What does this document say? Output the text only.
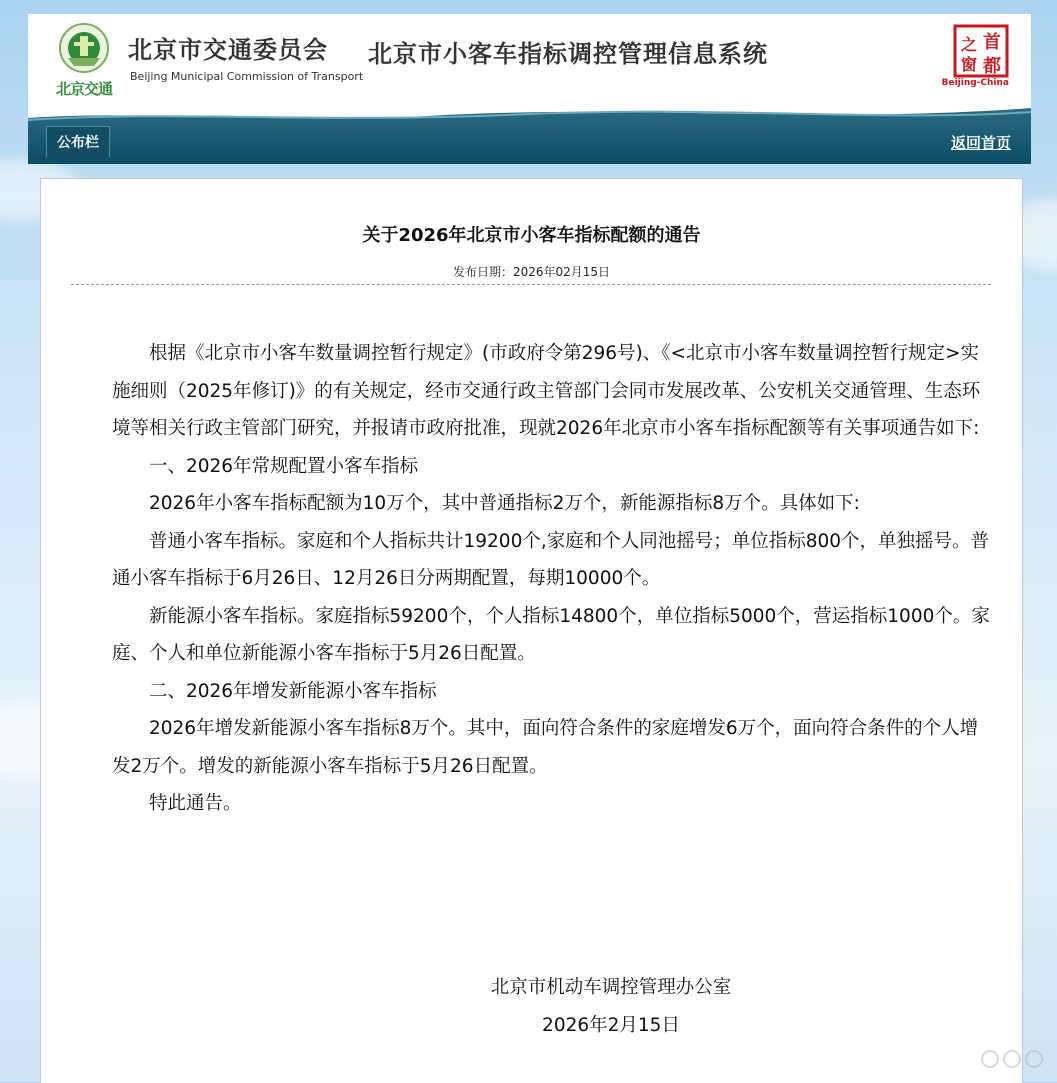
北京交通
北京市交通委员会
Beijing Municipal Commission of Transport
北京市小客车指标调控管理信息系统	首
都
之
窗
Beijing-China
公布栏	返回首页
关于2026年北京市小客车指标配额的通告
发布日期：2026年02月15日

根据《北京市小客车数量调控暂行规定》(市政府令第296号)、《<北京市小客车数量调控暂行规定>实施细则（2025年修订)》的有关规定，经市交通行政主管部门会同市发展改革、公安机关交通管理、生态环境等相关行政主管部门研究，并报请市政府批准，现就2026年北京市小客车指标配额等有关事项通告如下:

一、2026年常规配置小客车指标

2026年小客车指标配额为10万个，其中普通指标2万个，新能源指标8万个。具体如下:

普通小客车指标。家庭和个人指标共计19200个,家庭和个人同池摇号；单位指标800个，单独摇号。普通小客车指标于6月26日、12月26日分两期配置，每期10000个。

新能源小客车指标。家庭指标59200个，个人指标14800个，单位指标5000个，营运指标1000个。家庭、个人和单位新能源小客车指标于5月26日配置。

二、2026年增发新能源小客车指标

2026年增发新能源小客车指标8万个。其中，面向符合条件的家庭增发6万个，面向符合条件的个人增发2万个。增发的新能源小客车指标于5月26日配置。

特此通告。

北京市机动车调控管理办公室
2026年2月15日
